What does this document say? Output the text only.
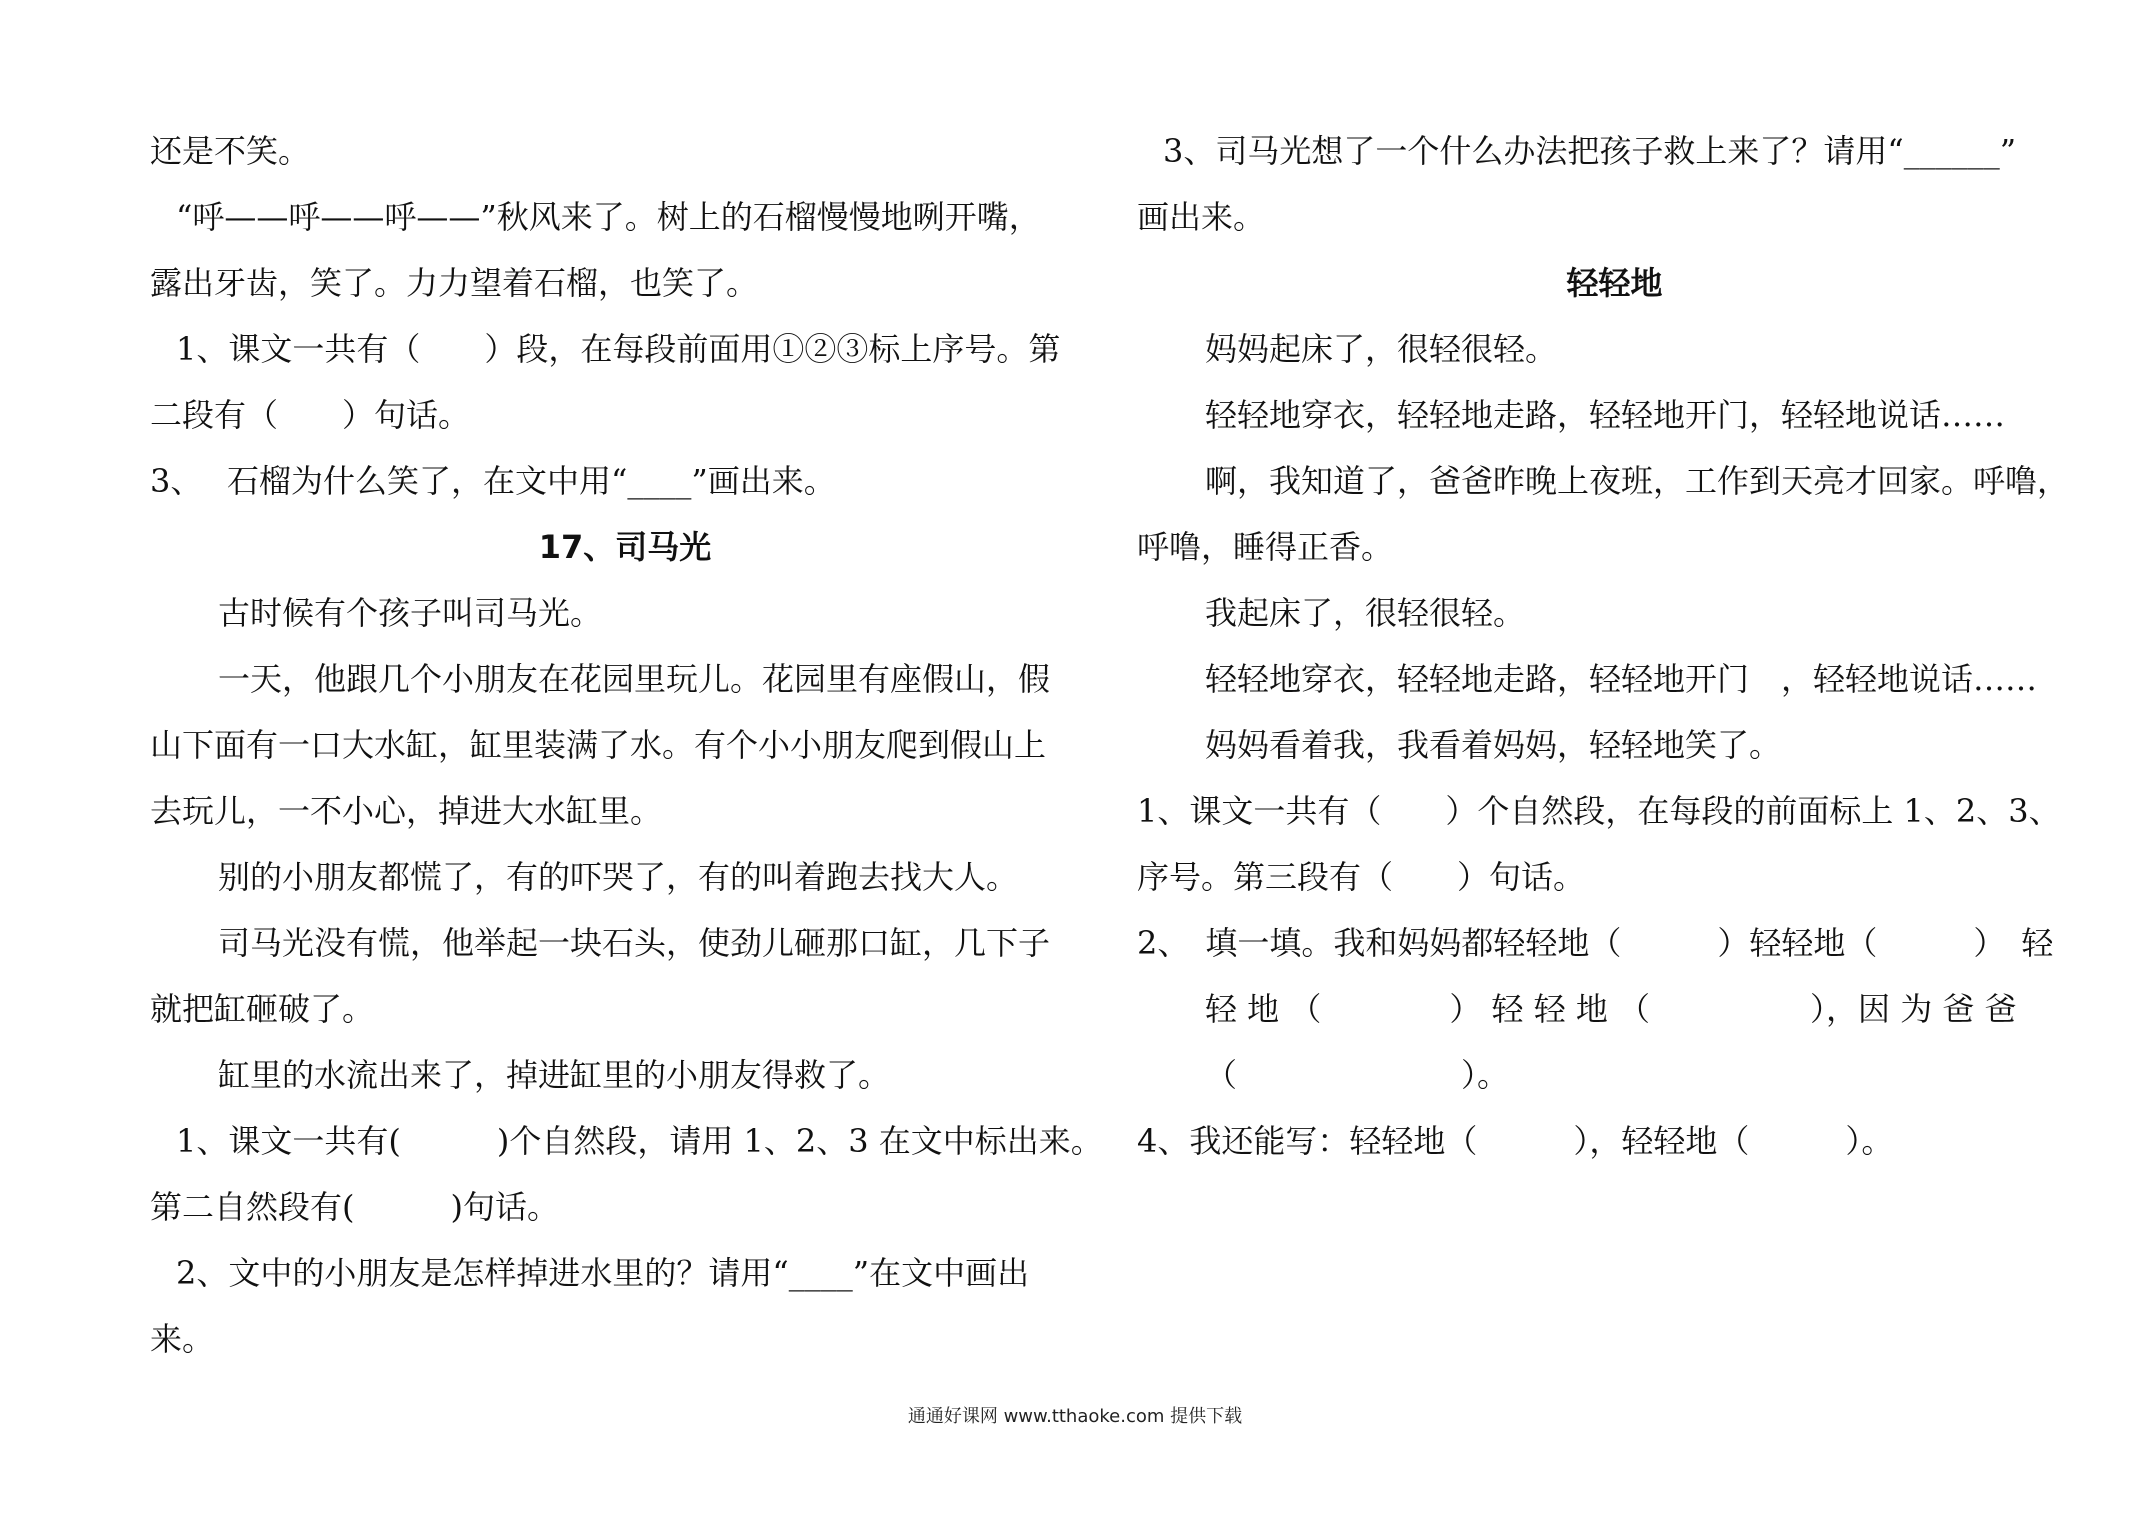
还是不笑。
“呼——呼——呼——”秋风来了。树上的石榴慢慢地咧开嘴，
露出牙齿，笑了。力力望着石榴，也笑了。
1、课文一共有（　　）段，在每段前面用①②③标上序号。第
二段有（　　）句话。
3、 石榴为什么笑了，在文中用“____”画出来。
17、司马光
古时候有个孩子叫司马光。
一天，他跟几个小朋友在花园里玩儿。花园里有座假山，假
山下面有一口大水缸，缸里装满了水。有个小小朋友爬到假山上
去玩儿，一不小心，掉进大水缸里。
别的小朋友都慌了，有的吓哭了，有的叫着跑去找大人。
司马光没有慌，他举起一块石头，使劲儿砸那口缸，几下子
就把缸砸破了。
缸里的水流出来了，掉进缸里的小朋友得救了。
1、课文一共有(　　　)个自然段，请用 1、2、3 在文中标出来。
第二自然段有(　　　)句话。
2、文中的小朋友是怎样掉进水里的？请用“____”在文中画出
来。
3、司马光想了一个什么办法把孩子救上来了？请用“______”
画出来。
轻轻地
妈妈起床了，很轻很轻。
轻轻地穿衣，轻轻地走路，轻轻地开门，轻轻地说话……
啊，我知道了，爸爸昨晚上夜班，工作到天亮才回家。呼噜，
呼噜，睡得正香。
我起床了，很轻很轻。
轻轻地穿衣，轻轻地走路，轻轻地开门　，轻轻地说话……
妈妈看着我，我看着妈妈，轻轻地笑了。
1、课文一共有（　　）个自然段，在每段的前面标上 1、2、3、
序号。第三段有（　　）句话。
2、　填一填。我和妈妈都轻轻地（　　　）轻轻地（　　　）　轻
轻 地 （　　　　） 轻 轻 地 （　　　　　），因 为 爸 爸
（　　　　　　　）。
4、我还能写：轻轻地（　　　），轻轻地（　　　）。
通通好课网 www.tthaoke.com 提供下载
